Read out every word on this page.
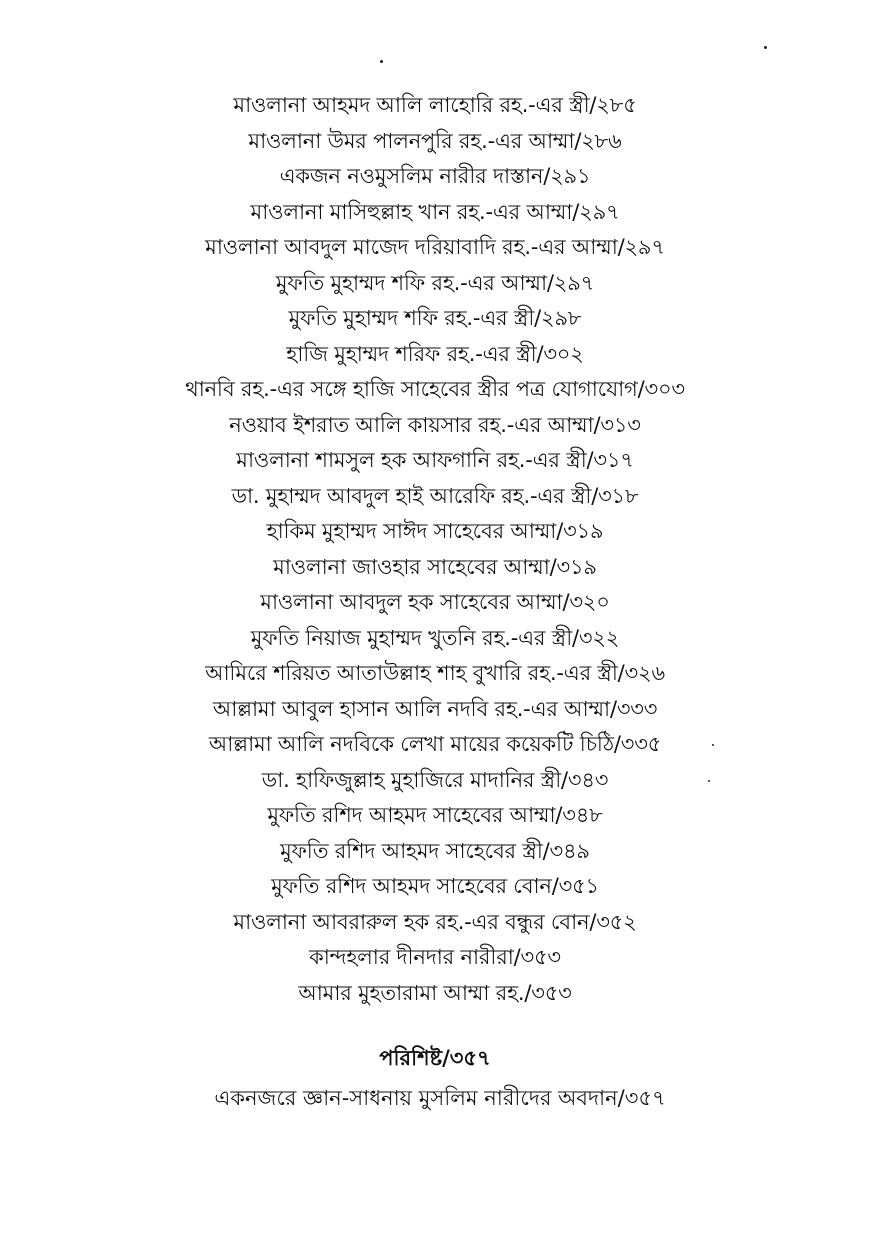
মাওলানা আহমদ আলি লাহোরি রহ.-এর স্ত্রী/২৮৫
মাওলানা উমর পালনপুরি রহ.-এর আম্মা/২৮৬
একজন নওমুসলিম নারীর দাস্তান/২৯১
মাওলানা মাসিহুল্লাহ খান রহ.-এর আম্মা/২৯৭
মাওলানা আবদুল মাজেদ দরিয়াবাদি রহ.-এর আম্মা/২৯৭
মুফতি মুহাম্মদ শফি রহ.-এর আম্মা/২৯৭
মুফতি মুহাম্মদ শফি রহ.-এর স্ত্রী/২৯৮
হাজি মুহাম্মদ শরিফ রহ.-এর স্ত্রী/৩০২
থানবি রহ.-এর সঙ্গে হাজি সাহেবের স্ত্রীর পত্র যোগাযোগ/৩০৩
নওয়াব ইশরাত আলি কায়সার রহ.-এর আম্মা/৩১৩
মাওলানা শামসুল হক আফগানি রহ.-এর স্ত্রী/৩১৭
ডা. মুহাম্মদ আবদুল হাই আরেফি রহ.-এর স্ত্রী/৩১৮
হাকিম মুহাম্মদ সাঈদ সাহেবের আম্মা/৩১৯
মাওলানা জাওহার সাহেবের আম্মা/৩১৯
মাওলানা আবদুল হক সাহেবের আম্মা/৩২০
মুফতি নিয়াজ মুহাম্মদ খুতনি রহ.-এর স্ত্রী/৩২২
আমিরে শরিয়ত আতাউল্লাহ শাহ বুখারি রহ.-এর স্ত্রী/৩২৬
আল্লামা আবুল হাসান আলি নদবি রহ.-এর আম্মা/৩৩৩
আল্লামা আলি নদবিকে লেখা মায়ের কয়েকটি চিঠি/৩৩৫
ডা. হাফিজুল্লাহ মুহাজিরে মাদানির স্ত্রী/৩৪৩
মুফতি রশিদ আহমদ সাহেবের আম্মা/৩৪৮
মুফতি রশিদ আহমদ সাহেবের স্ত্রী/৩৪৯
মুফতি রশিদ আহমদ সাহেবের বোন/৩৫১
মাওলানা আবরারুল হক রহ.-এর বন্ধুর বোন/৩৫২
কান্দহলার দীনদার নারীরা/৩৫৩
আমার মুহতারামা আম্মা রহ./৩৫৩
পরিশিষ্ট/৩৫৭
একনজরে জ্ঞান-সাধনায় মুসলিম নারীদের অবদান/৩৫৭
